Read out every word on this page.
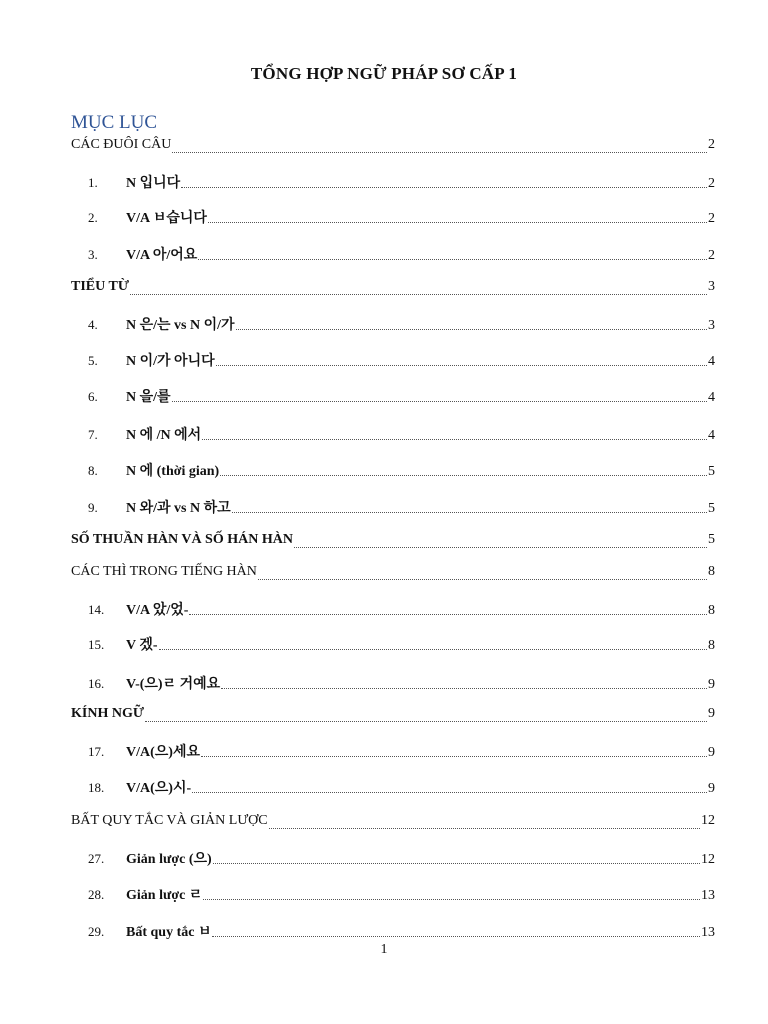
TỔNG HỢP NGỮ PHÁP SƠ CẤP 1
MỤC LỤC
CÁC ĐUÔI CÂU	2
1.	N 입니다	2
2.	V/A ㅂ습니다	2
3.	V/A 아/어요	2
TIỂU TỪ	3
4.	N 은/는 vs N 이/가	3
5.	N 이/가 아니다	4
6.	N 을/를	4
7.	N 에 /N 에서	4
8.	N 에 (thời gian)	5
9.	N 와/과 vs N 하고	5
SỐ THUẦN HÀN VÀ SỐ HÁN HÀN	5
CÁC THÌ TRONG TIẾNG HÀN	8
14.	V/A 았/었-	8
15.	V 겠-	8
16.	V-(으)ㄹ 거예요	9
KÍNH NGỮ	9
17.	V/A(으)세요	9
18.	V/A(으)시-	9
BẤT QUY TẮC VÀ GIẢN LƯỢC	12
27.	Giản lược (으)	12
28.	Giản lược ㄹ	13
29.	Bất quy tắc ㅂ	13
1
